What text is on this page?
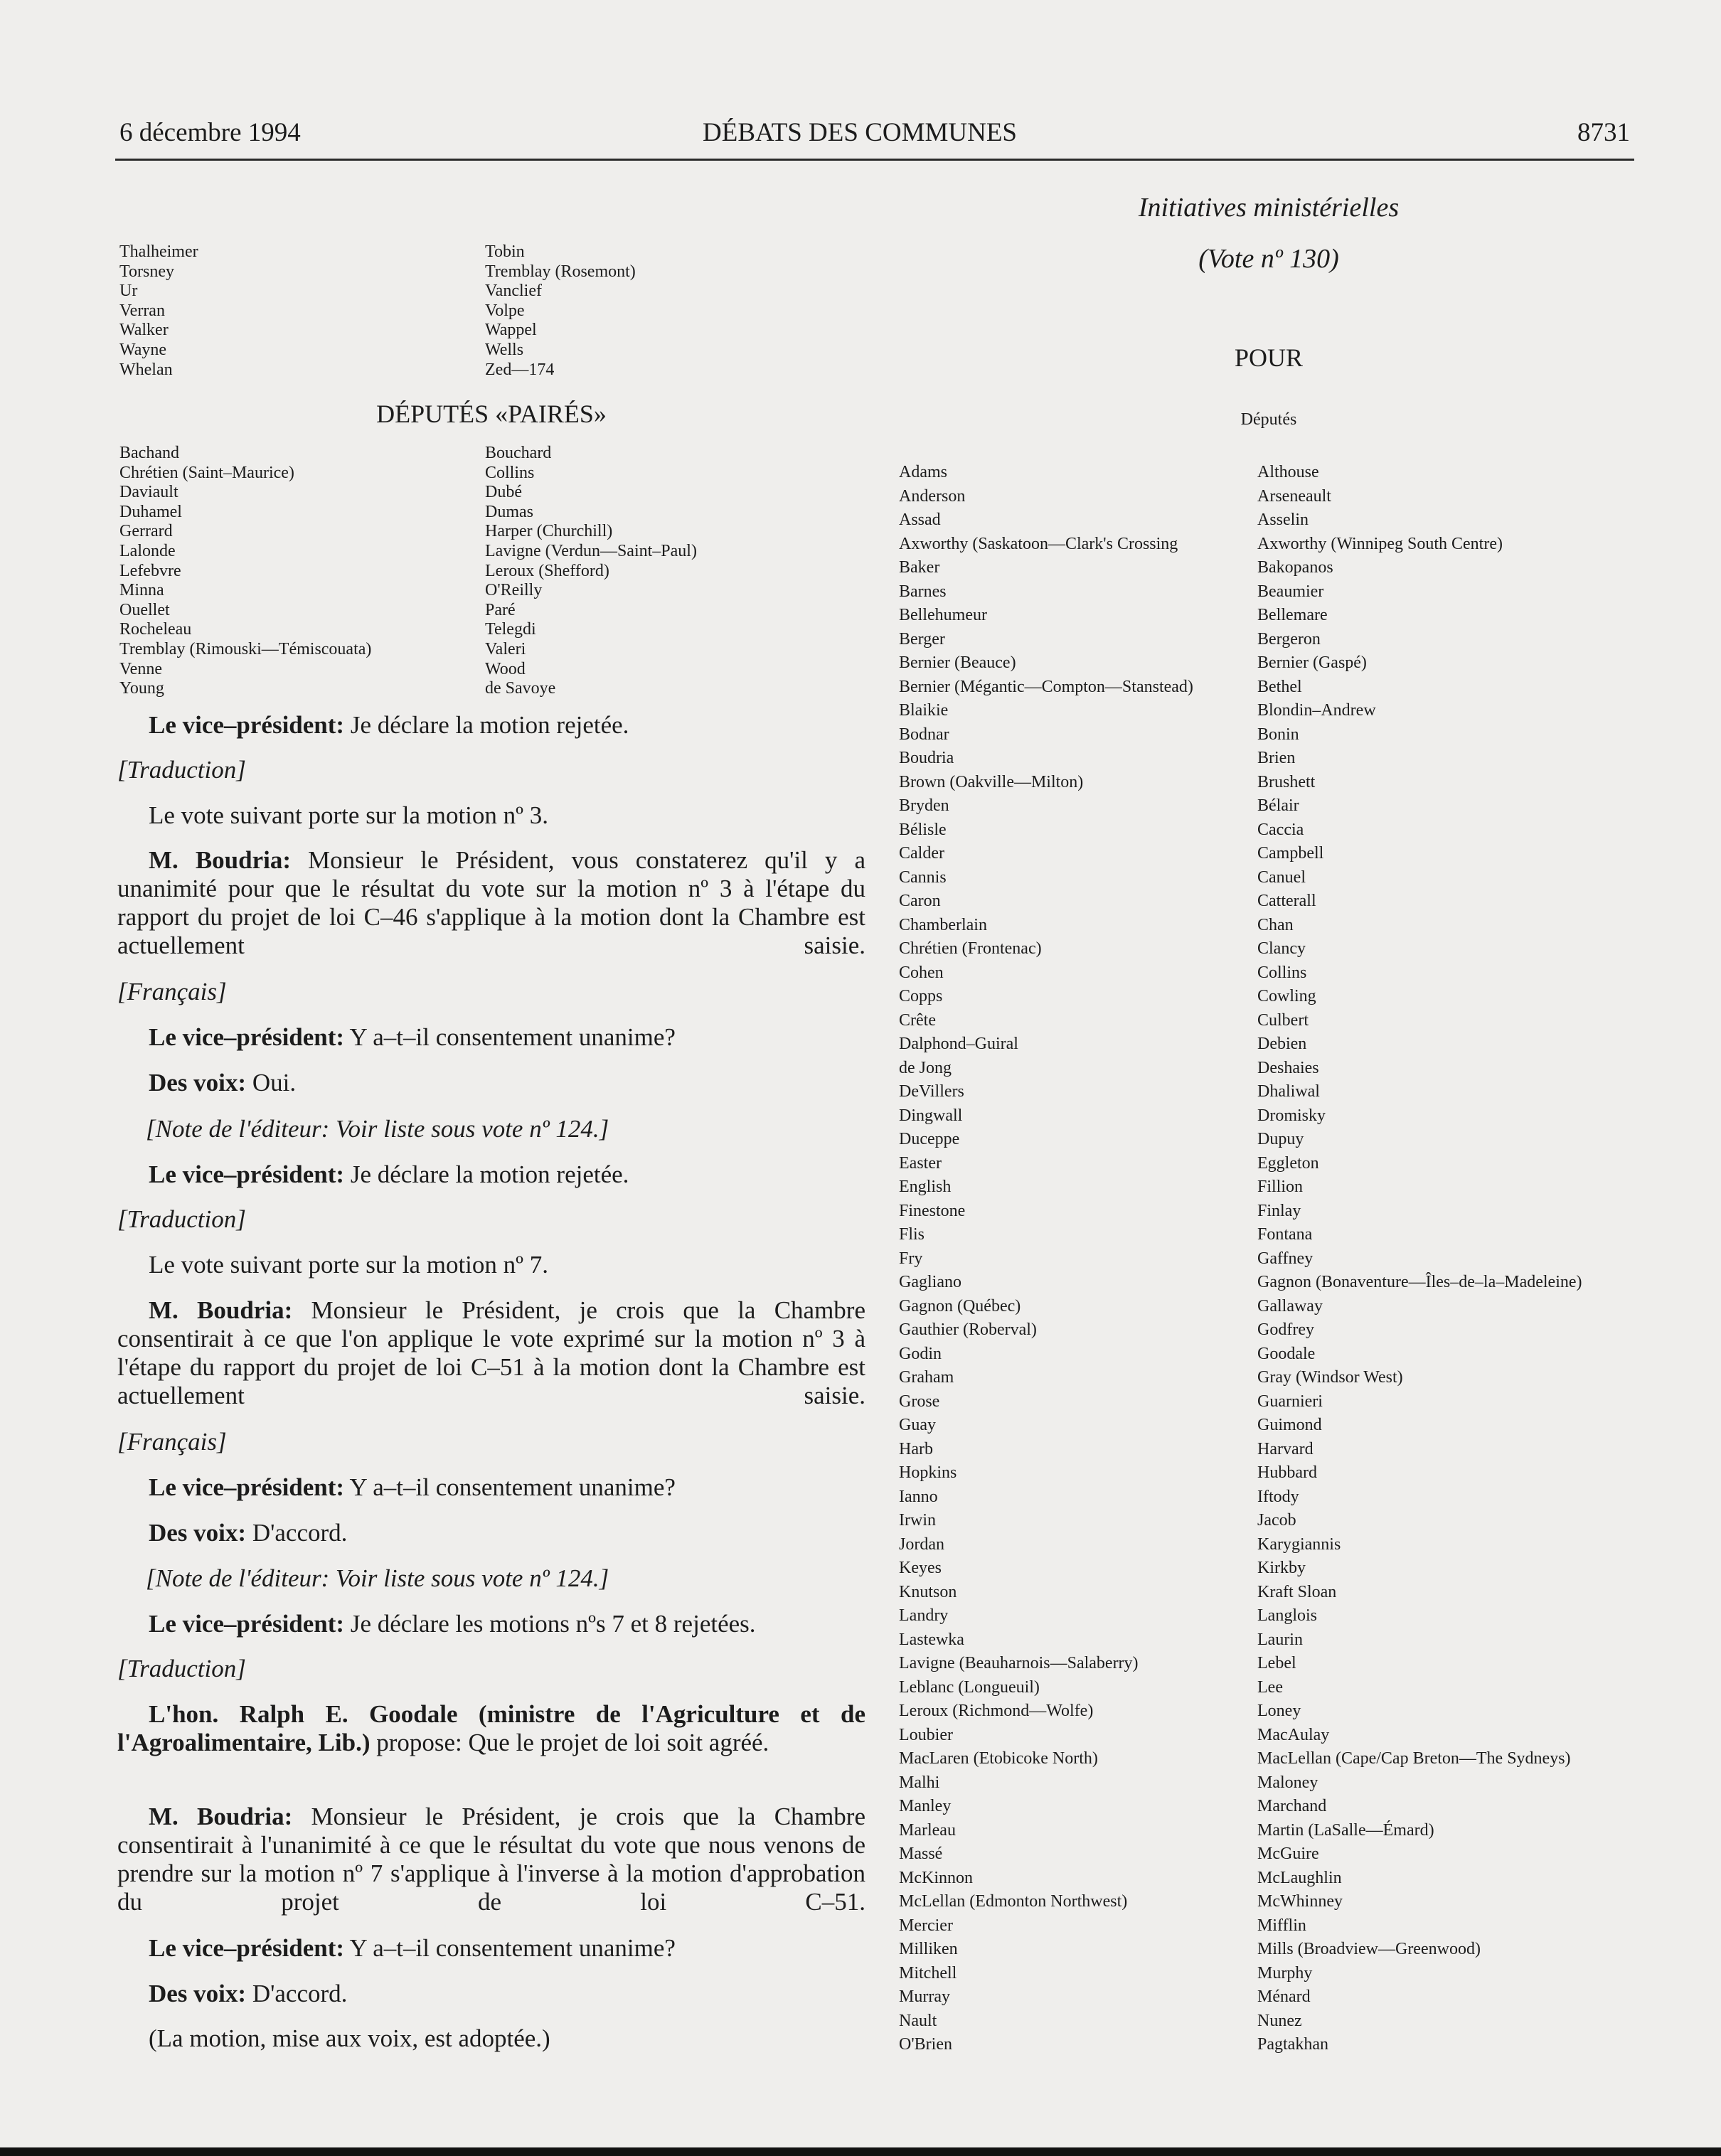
6 décembre 1994	DÉBATS DES COMMUNES	8731
Thalheimer
Torsney
Ur
Verran
Walker
Wayne
Whelan
Tobin
Tremblay (Rosemont)
Vanclief
Volpe
Wappel
Wells
Zed—174
DÉPUTÉS «PAIRÉS»
Bachand
Chrétien (Saint–Maurice)
Daviault
Duhamel
Gerrard
Lalonde
Lefebvre
Minna
Ouellet
Rocheleau
Tremblay (Rimouski—Témiscouata)
Venne
Young
Bouchard
Collins
Dubé
Dumas
Harper (Churchill)
Lavigne (Verdun—Saint–Paul)
Leroux (Shefford)
O'Reilly
Paré
Telegdi
Valeri
Wood
de Savoye

Le vice–président: Je déclare la motion rejetée.

[Traduction]

Le vote suivant porte sur la motion nº 3.

M. Boudria: Monsieur le Président, vous constaterez qu'il y a unanimité pour que le résultat du vote sur la motion nº 3 à l'étape du rapport du projet de loi C–46 s'applique à la motion dont la Chambre est actuellement saisie.

[Français]

Le vice–président: Y a–t–il consentement unanime?

Des voix: Oui.

[Note de l'éditeur: Voir liste sous vote nº 124.]

Le vice–président: Je déclare la motion rejetée.

[Traduction]

Le vote suivant porte sur la motion nº 7.

M. Boudria: Monsieur le Président, je crois que la Chambre consentirait à ce que l'on applique le vote exprimé sur la motion nº 3 à l'étape du rapport du projet de loi C–51 à la motion dont la Chambre est actuellement saisie.

[Français]

Le vice–président: Y a–t–il consentement unanime?

Des voix: D'accord.

[Note de l'éditeur: Voir liste sous vote nº 124.]

Le vice–président: Je déclare les motions nºs 7 et 8 rejetées.

[Traduction]

L'hon. Ralph E. Goodale (ministre de l'Agriculture et de l'Agroalimentaire, Lib.) propose: Que le projet de loi soit agréé.

M. Boudria: Monsieur le Président, je crois que la Chambre consentirait à l'unanimité à ce que le résultat du vote que nous venons de prendre sur la motion nº 7 s'applique à l'inverse à la motion d'approbation du projet de loi C–51.

Le vice–président: Y a–t–il consentement unanime?

Des voix: D'accord.

(La motion, mise aux voix, est adoptée.)

Initiatives ministérielles
(Vote nº 130)
POUR
Députés
Adams
Anderson
Assad
Axworthy (Saskatoon—Clark's Crossing
Baker
Barnes
Bellehumeur
Berger
Bernier (Beauce)
Bernier (Mégantic—Compton—Stanstead)
Blaikie
Bodnar
Boudria
Brown (Oakville—Milton)
Bryden
Bélisle
Calder
Cannis
Caron
Chamberlain
Chrétien (Frontenac)
Cohen
Copps
Crête
Dalphond–Guiral
de Jong
DeVillers
Dingwall
Duceppe
Easter
English
Finestone
Flis
Fry
Gagliano
Gagnon (Québec)
Gauthier (Roberval)
Godin
Graham
Grose
Guay
Harb
Hopkins
Iannо
Irwin
Jordan
Keyes
Knutson
Landry
Lastewka
Lavigne (Beauharnois—Salaberry)
Leblanc (Longueuil)
Leroux (Richmond—Wolfe)
Loubier
MacLaren (Etobicoke North)
Malhi
Manley
Marleau
Massé
McKinnon
McLellan (Edmonton Northwest)
Mercier
Milliken
Mitchell
Murray
Nault
O'Brien
Althouse
Arseneault
Asselin
Axworthy (Winnipeg South Centre)
Bakopanos
Beaumier
Bellemare
Bergeron
Bernier (Gaspé)
Bethel
Blondin–Andrew
Bonin
Brien
Brushett
Bélair
Caccia
Campbell
Canuel
Catterall
Chan
Clancy
Collins
Cowling
Culbert
Debien
Deshaies
Dhaliwal
Dromisky
Dupuy
Eggleton
Fillion
Finlay
Fontana
Gaffney
Gagnon (Bonaventure—Îles–de–la–Madeleine)
Gallaway
Godfrey
Goodale
Gray (Windsor West)
Guarnieri
Guimond
Harvard
Hubbard
Iftody
Jacob
Karygiannis
Kirkby
Kraft Sloan
Langlois
Laurin
Lebel
Lee
Loney
MacAulay
MacLellan (Cape/Cap Breton—The Sydneys)
Maloney
Marchand
Martin (LaSalle—Émard)
McGuire
McLaughlin
McWhinney
Mifflin
Mills (Broadview—Greenwood)
Murphy
Ménard
Nunez
Pagtakhan
